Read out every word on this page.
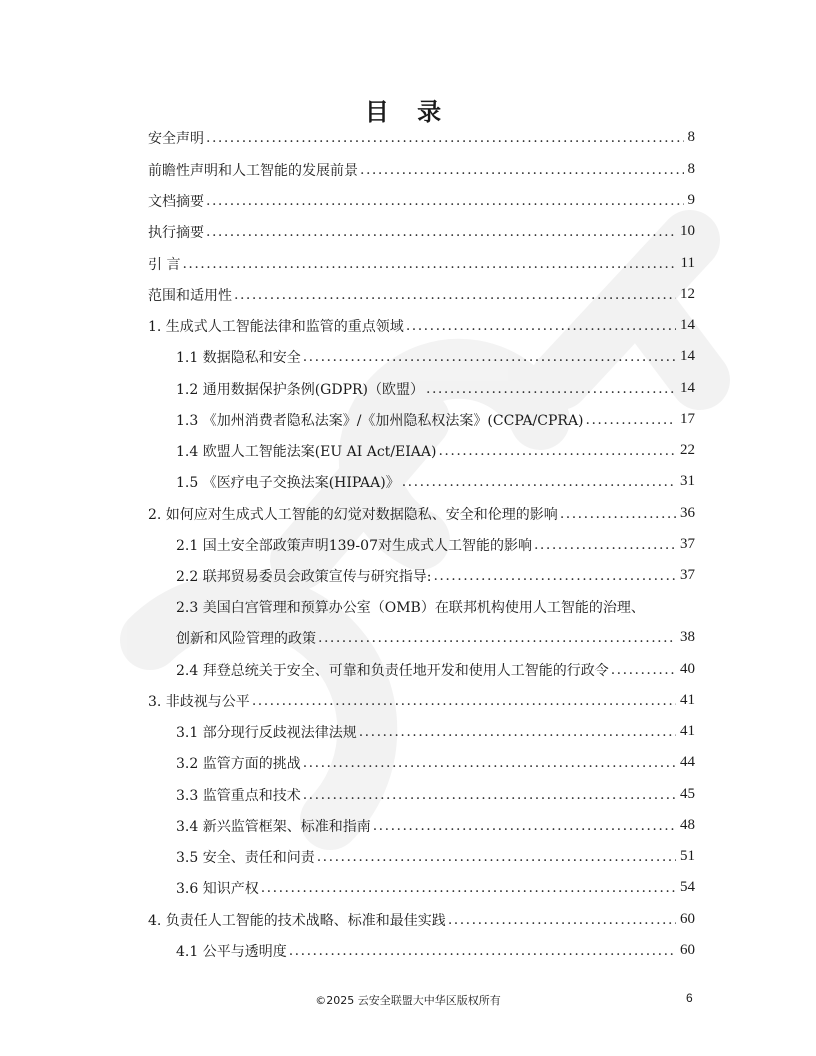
目 录
安全声明 .....	8
前瞻性声明和人工智能的发展前景 .....	8
文档摘要 .....	9
执行摘要 .....	10
引 言 .....	11
范围和适用性 .....	12
1. 生成式人工智能法律和监管的重点领域 .....	14
1.1 数据隐私和安全 .....	14
1.2 通用数据保护条例(GDPR)（欧盟） .....	14
1.3 《加州消费者隐私法案》/《加州隐私权法案》(CCPA/CPRA) .....	17
1.4 欧盟人工智能法案(EU AI Act/EIAA) .....	22
1.5 《医疗电子交换法案(HIPAA)》 .....	31
2. 如何应对生成式人工智能的幻觉对数据隐私、安全和伦理的影响 .....	36
2.1 国土安全部政策声明139-07对生成式人工智能的影响 .....	37
2.2 联邦贸易委员会政策宣传与研究指导: .....	37
2.3 美国白宫管理和预算办公室（OMB）在联邦机构使用人工智能的治理、
创新和风险管理的政策 .....	38
2.4 拜登总统关于安全、可靠和负责任地开发和使用人工智能的行政令 .....	40
3. 非歧视与公平 .....	41
3.1 部分现行反歧视法律法规 .....	41
3.2 监管方面的挑战 .....	44
3.3 监管重点和技术 .....	45
3.4 新兴监管框架、标准和指南 .....	48
3.5 安全、责任和问责 .....	51
3.6 知识产权 .....	54
4. 负责任人工智能的技术战略、标准和最佳实践 .....	60
4.1 公平与透明度 .....	60
©2025 云安全联盟大中华区版权所有	6
